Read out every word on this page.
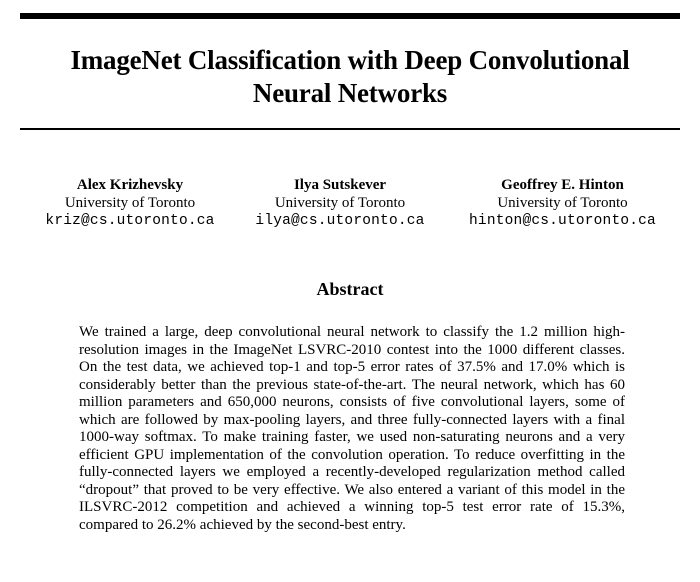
ImageNet Classification with Deep Convolutional
Neural Networks
Alex Krizhevsky
University of Toronto
kriz@cs.utoronto.ca
Ilya Sutskever
University of Toronto
ilya@cs.utoronto.ca
Geoffrey E. Hinton
University of Toronto
hinton@cs.utoronto.ca
Abstract

We trained a large, deep convolutional neural network to classify the 1.2 million high-resolution images in the ImageNet LSVRC-2010 contest into the 1000 different classes. On the test data, we achieved top-1 and top-5 error rates of 37.5% and 17.0% which is considerably better than the previous state-of-the-art. The neural network, which has 60 million parameters and 650,000 neurons, consists of five convolutional layers, some of which are followed by max-pooling layers, and three fully-connected layers with a final 1000-way softmax. To make training faster, we used non-saturating neurons and a very efficient GPU implementation of the convolution operation. To reduce overfitting in the fully-connected layers we employed a recently-developed regularization method called “dropout” that proved to be very effective. We also entered a variant of this model in the ILSVRC-2012 competition and achieved a winning top-5 test error rate of 15.3%, compared to 26.2% achieved by the second-best entry.
